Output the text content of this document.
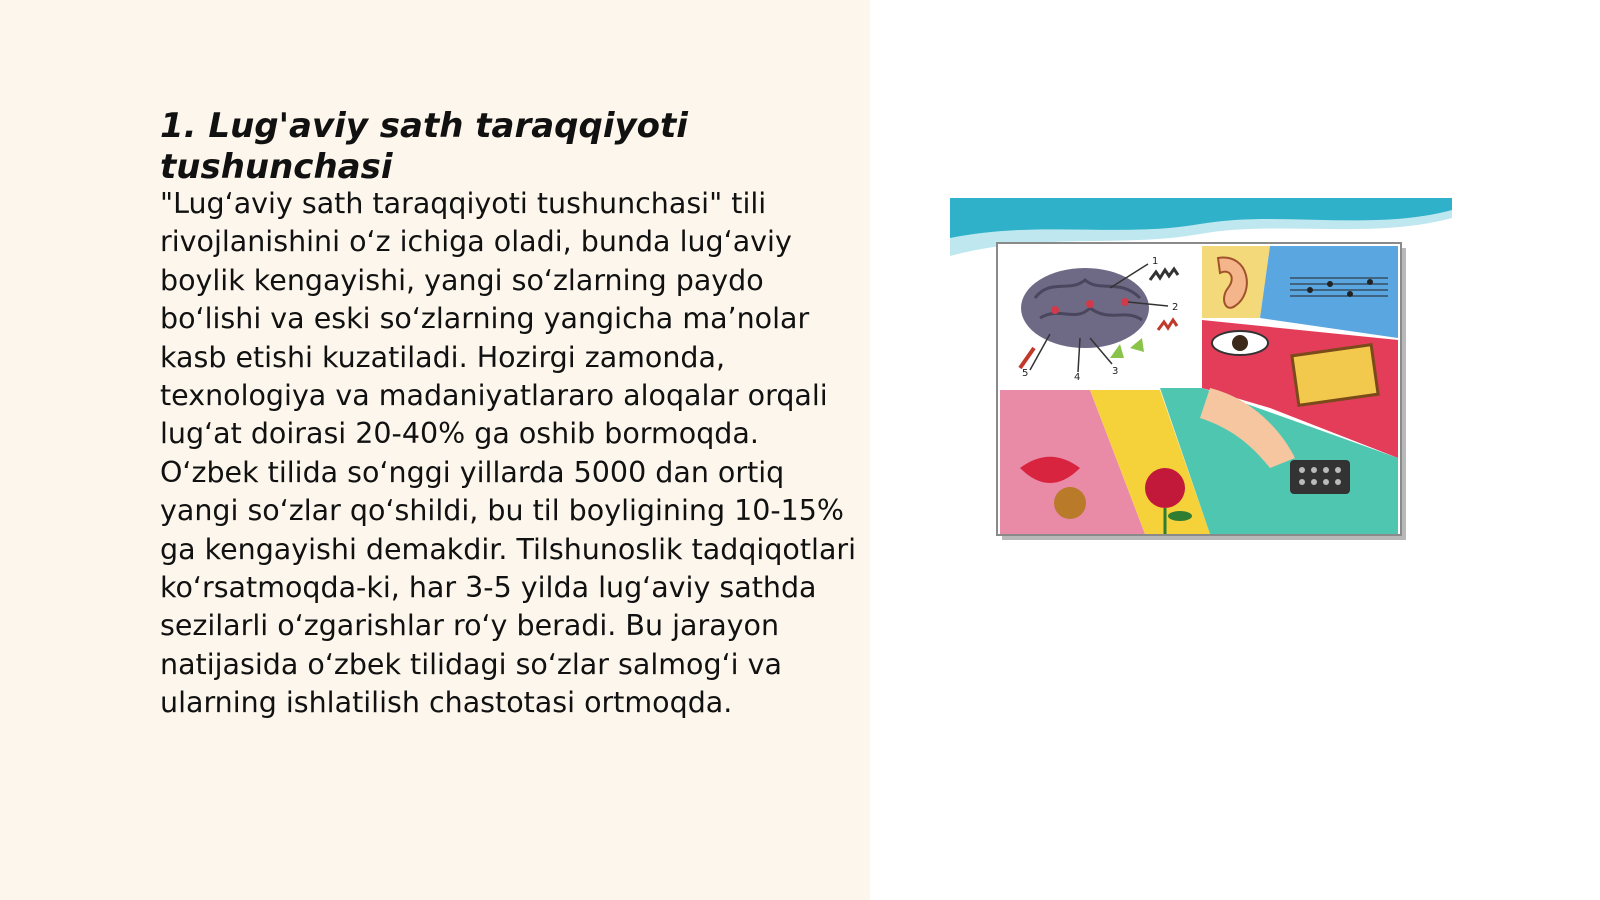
1. Lug'aviy sath taraqqiyoti tushunchasi

"Lugʻaviy sath taraqqiyoti tushunchasi" tili rivojlanishini oʻz ichiga oladi, bunda lugʻaviy boylik kengayishi, yangi soʻzlarning paydo boʻlishi va eski soʻzlarning yangicha maʼnolar kasb etishi kuzatiladi. Hozirgi zamonda, texnologiya va madaniyatlararo aloqalar orqali lugʻat doirasi 20-40% ga oshib bormoqda. Oʻzbek tilida soʻnggi yillarda 5000 dan ortiq yangi soʻzlar qoʻshildi, bu til boyligining 10-15% ga kengayishi demakdir. Tilshunoslik tadqiqotlari koʻrsatmoqda-ki, har 3-5 yilda lugʻaviy sathda sezilarli oʻzgarishlar roʻy beradi. Bu jarayon natijasida oʻzbek tilidagi soʻzlar salmogʻi va ularning ishlatilish chastotasi ortmoqda.

1
2
3
4
5
